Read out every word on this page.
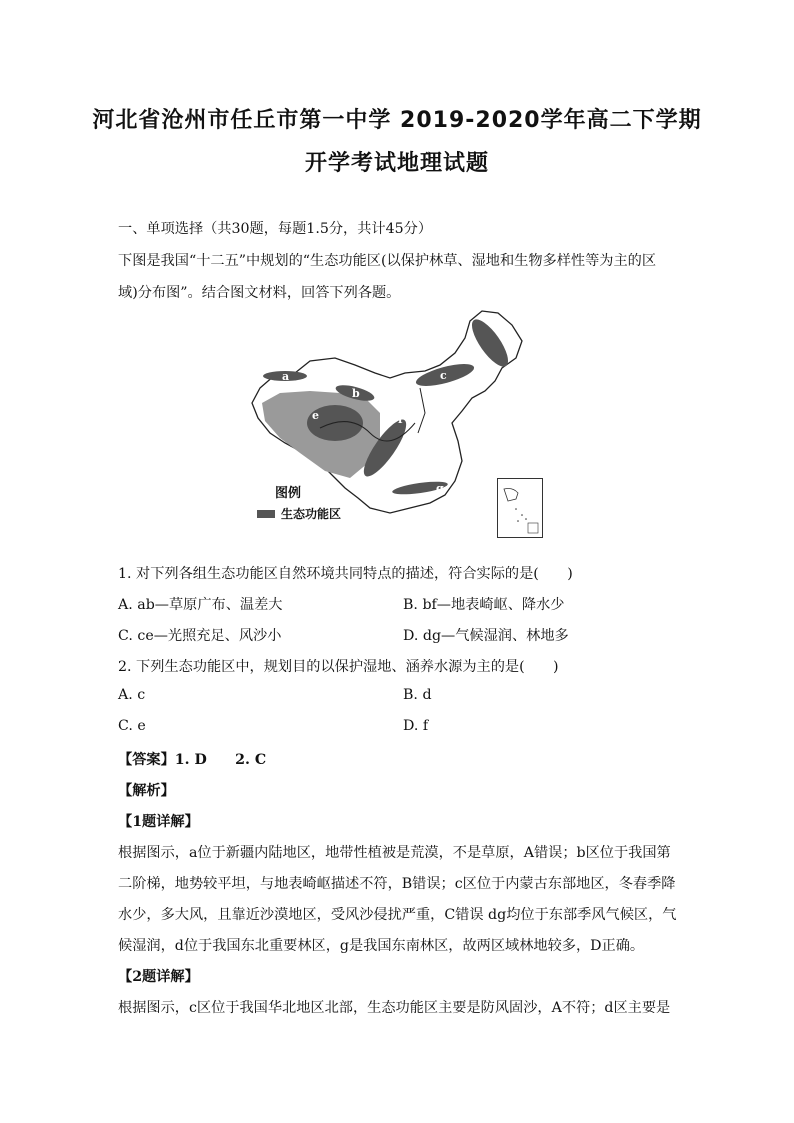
河北省沧州市任丘市第一中学 2019-2020学年高二下学期
开学考试地理试题
一、单项选择（共30题，每题1.5分，共计45分）
下图是我国“十二五”中规划的“生态功能区(以保护林草、湿地和生物多样性等为主的区
域)分布图”。结合图文材料，回答下列各题。
a
b
c
d
e	f
g
图例
生态功能区
1. 对下列各组生态功能区自然环境共同特点的描述，符合实际的是(　　)
A. ab—草原广布、温差大	B. bf—地表崎岖、降水少
C. ce—光照充足、风沙小	D. dg—气候湿润、林地多
2. 下列生态功能区中，规划目的以保护湿地、涵养水源为主的是(　　)
A. c	B. d
C. e	D. f
【答案】1. D　　2. C
【解析】
【1题详解】
根据图示，a位于新疆内陆地区，地带性植被是荒漠，不是草原，A错误；b区位于我国第
二阶梯，地势较平坦，与地表崎岖描述不符，B错误；c区位于内蒙古东部地区，冬春季降
水少，多大风，且靠近沙漠地区，受风沙侵扰严重，C错误 dg均位于东部季风气候区，气
候湿润，d位于我国东北重要林区，g是我国东南林区，故两区域林地较多，D正确。
【2题详解】
根据图示，c区位于我国华北地区北部，生态功能区主要是防风固沙，A不符；d区主要是
